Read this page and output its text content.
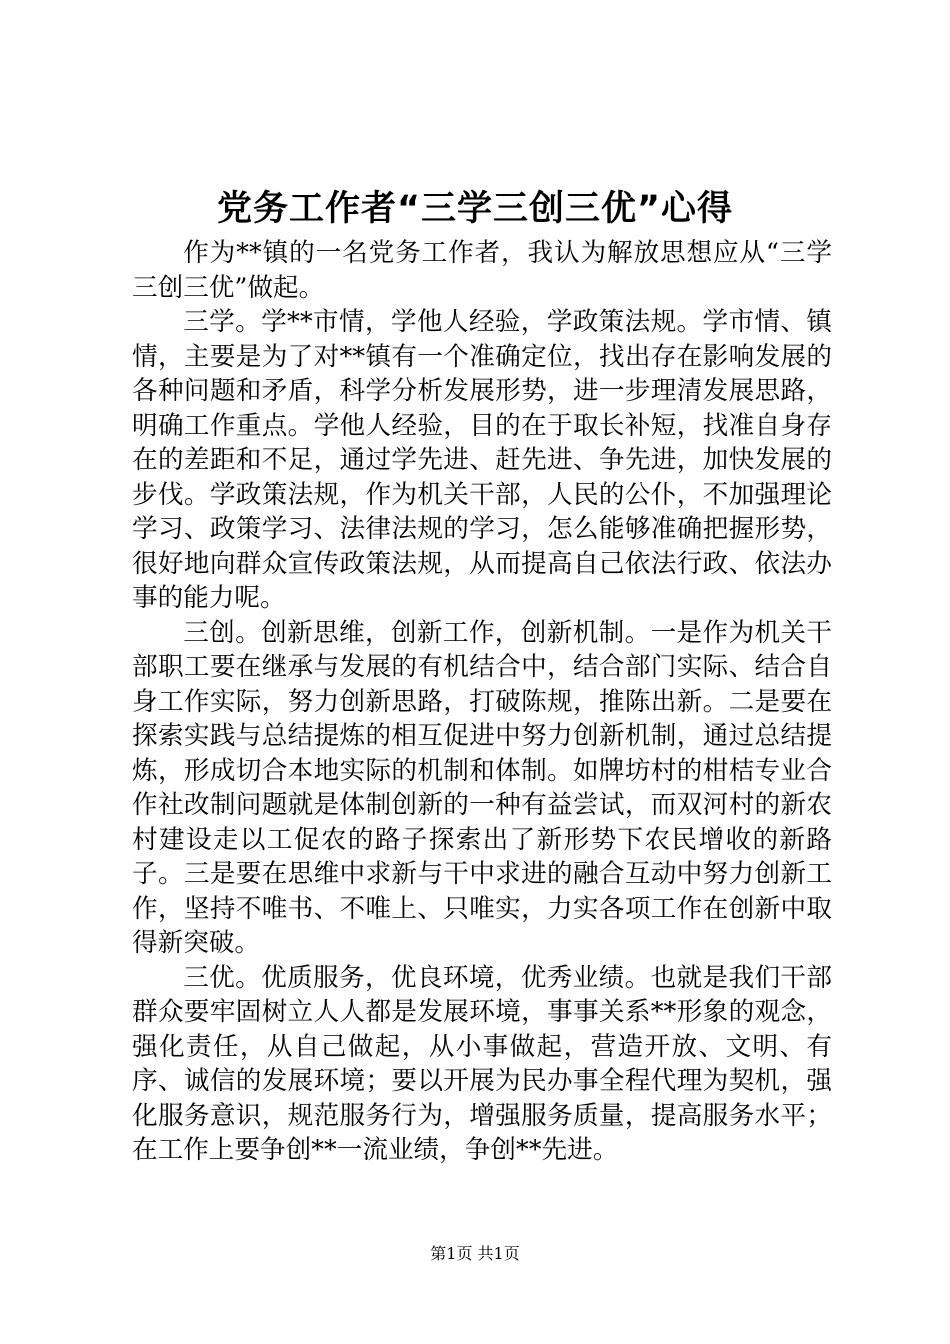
党务工作者“三学三创三优”心得

作为**镇的一名党务工作者，我认为解放思想应从“三学三创三优”做起。

三学。学**市情，学他人经验，学政策法规。学市情、镇情，主要是为了对**镇有一个准确定位，找出存在影响发展的各种问题和矛盾，科学分析发展形势，进一步理清发展思路，明确工作重点。学他人经验，目的在于取长补短，找准自身存在的差距和不足，通过学先进、赶先进、争先进，加快发展的步伐。学政策法规，作为机关干部，人民的公仆，不加强理论学习、政策学习、法律法规的学习，怎么能够准确把握形势，很好地向群众宣传政策法规，从而提高自己依法行政、依法办事的能力呢。

三创。创新思维，创新工作，创新机制。一是作为机关干部职工要在继承与发展的有机结合中，结合部门实际、结合自身工作实际，努力创新思路，打破陈规，推陈出新。二是要在探索实践与总结提炼的相互促进中努力创新机制，通过总结提炼，形成切合本地实际的机制和体制。如牌坊村的柑桔专业合作社改制问题就是体制创新的一种有益尝试，而双河村的新农村建设走以工促农的路子探索出了新形势下农民增收的新路子。三是要在思维中求新与干中求进的融合互动中努力创新工作，坚持不唯书、不唯上、只唯实，力实各项工作在创新中取得新突破。

三优。优质服务，优良环境，优秀业绩。也就是我们干部群众要牢固树立人人都是发展环境，事事关系**形象的观念，强化责任，从自己做起，从小事做起，营造开放、文明、有序、诚信的发展环境；要以开展为民办事全程代理为契机，强化服务意识，规范服务行为，增强服务质量，提高服务水平；在工作上要争创**一流业绩，争创**先进。

第1页 共1页
